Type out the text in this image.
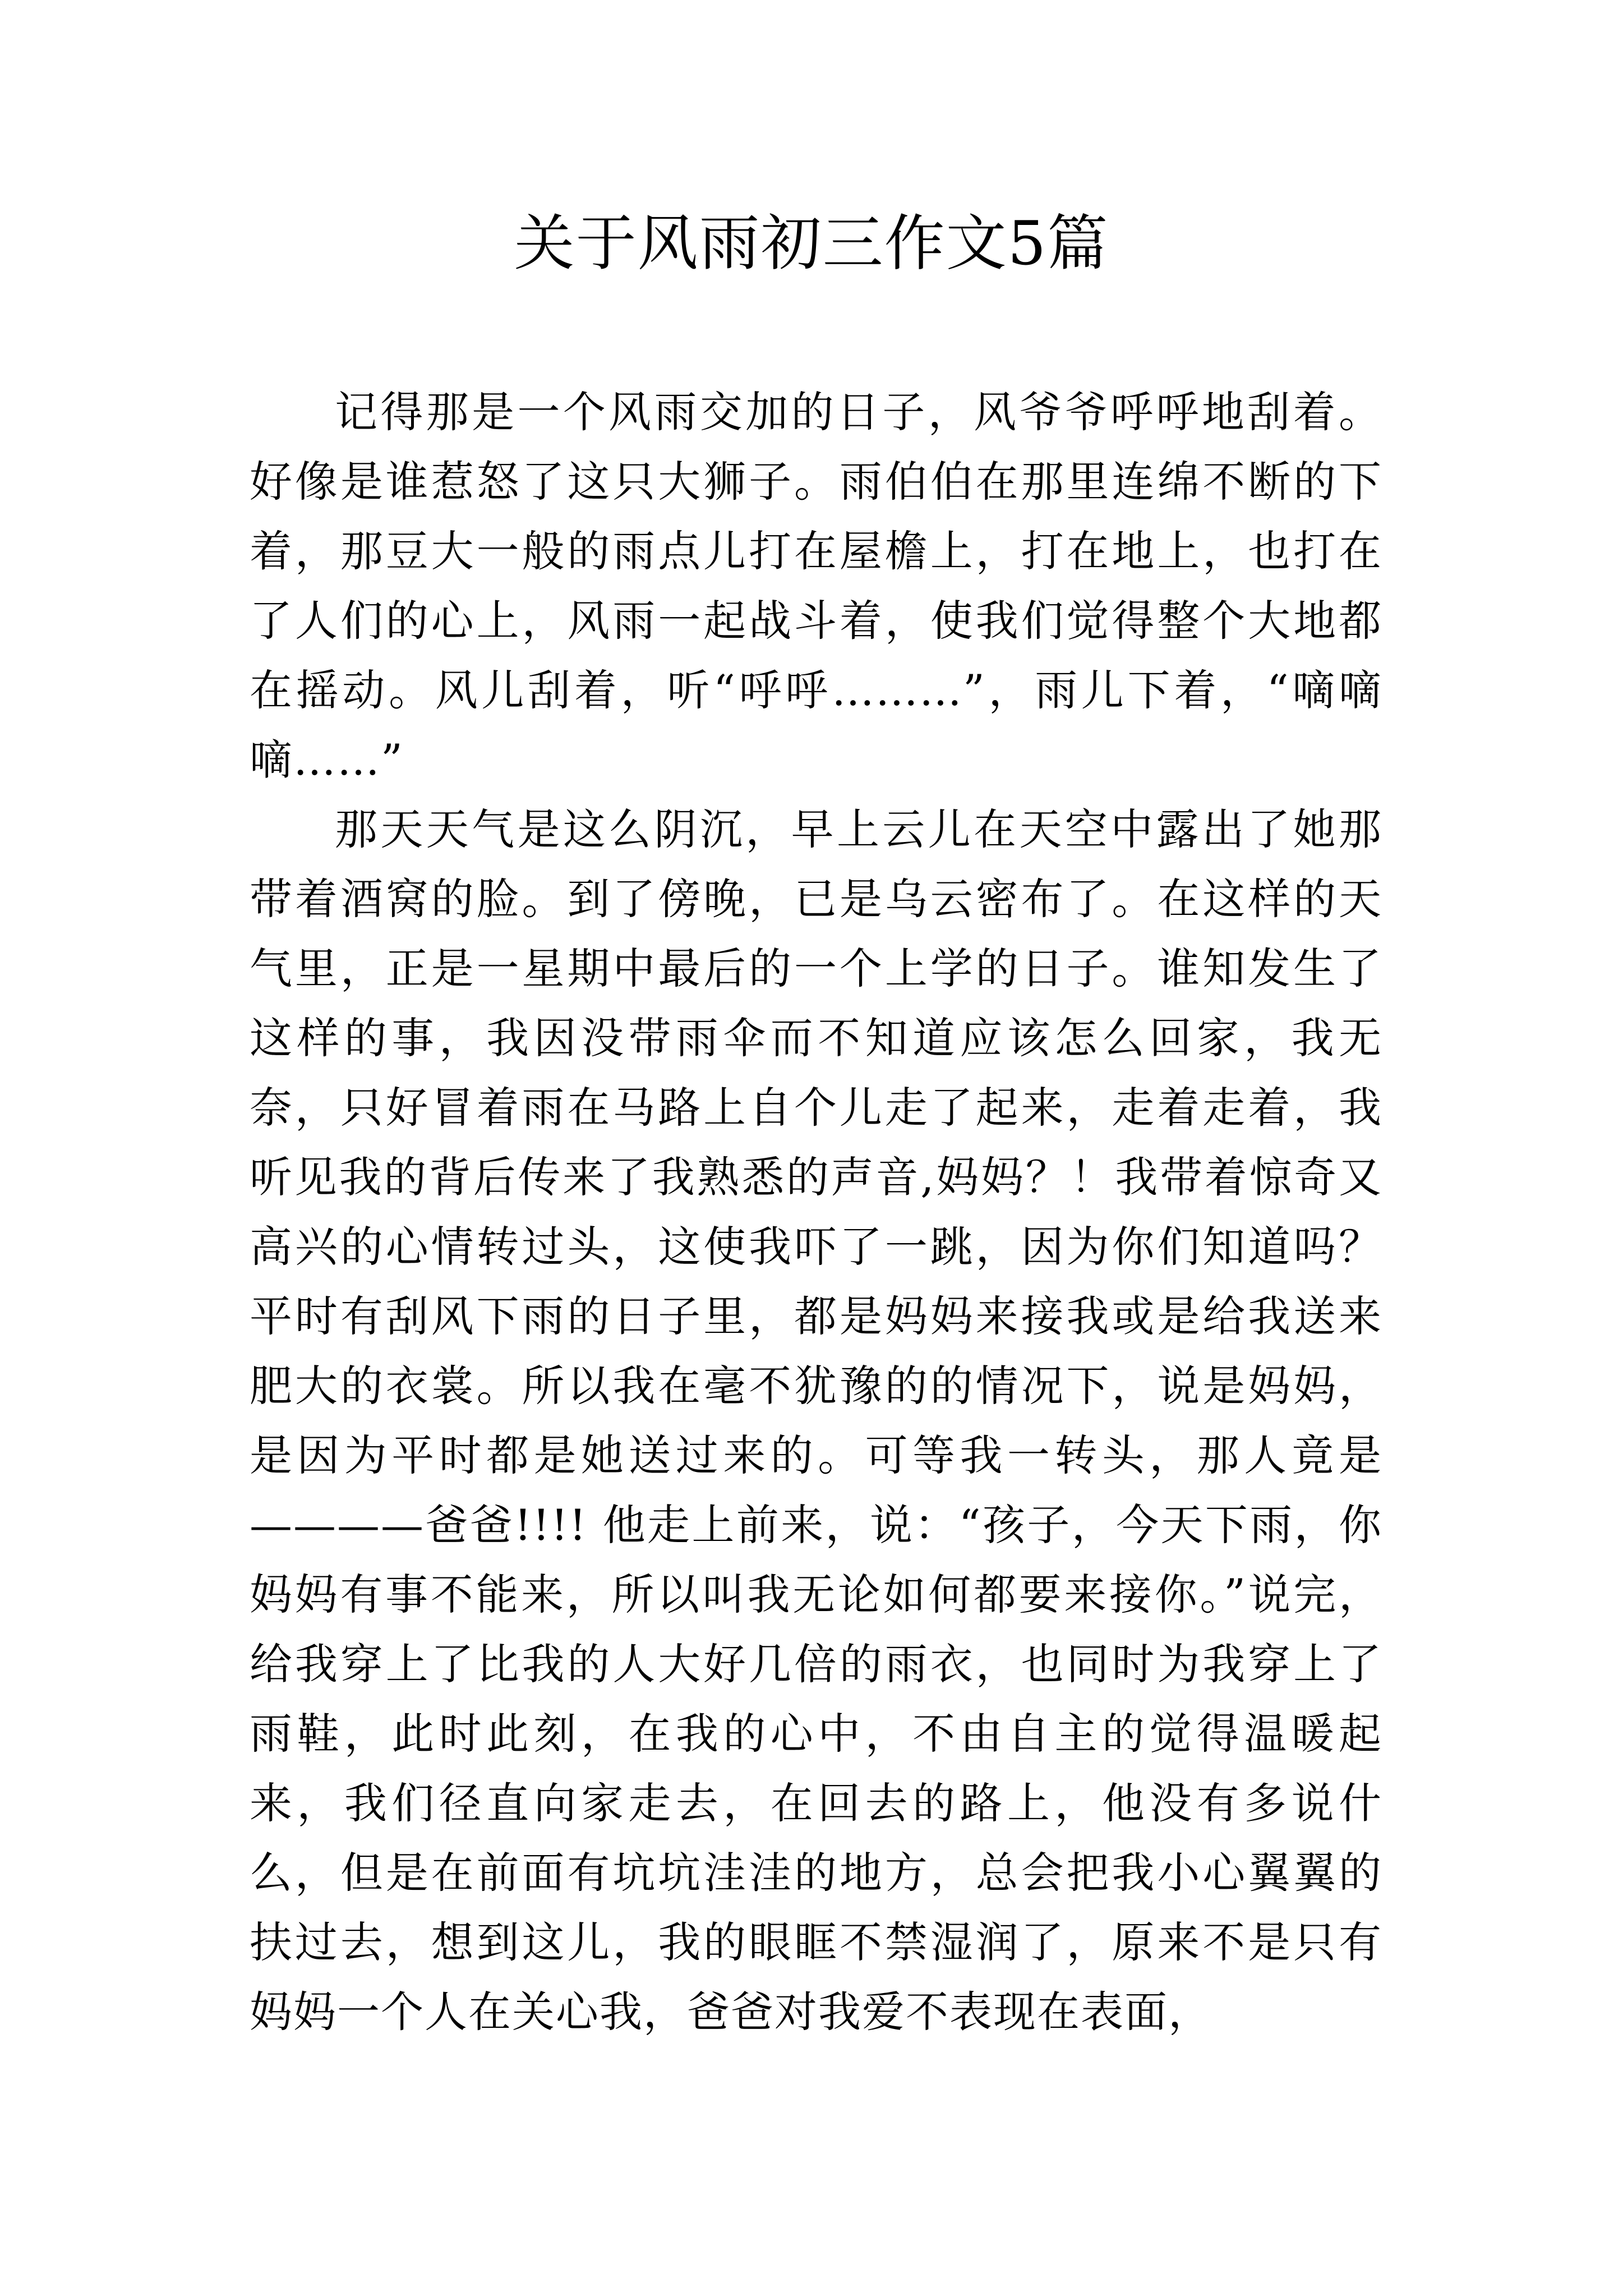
关于风雨初三作文5篇

记得那是一个风雨交加的日子，风爷爷呼呼地刮着。好像是谁惹怒了这只大狮子。雨伯伯在那里连绵不断的下着，那豆大一般的雨点儿打在屋檐上，打在地上，也打在了人们的心上，风雨一起战斗着，使我们觉得整个大地都在摇动。风儿刮着，听“呼呼………”，雨儿下着，“嘀嘀嘀……”

那天天气是这么阴沉，早上云儿在天空中露出了她那带着酒窝的脸。到了傍晚，已是乌云密布了。在这样的天气里，正是一星期中最后的一个上学的日子。谁知发生了这样的事，我因没带雨伞而不知道应该怎么回家，我无奈，只好冒着雨在马路上自个儿走了起来，走着走着，我听见我的背后传来了我熟悉的声音,妈妈？！我带着惊奇又高兴的心情转过头，这使我吓了一跳，因为你们知道吗？平时有刮风下雨的日子里，都是妈妈来接我或是给我送来肥大的衣裳。所以我在毫不犹豫的的情况下，说是妈妈，是因为平时都是她送过来的。可等我一转头，那人竟是————爸爸!!!! 他走上前来，说：“孩子，今天下雨，你妈妈有事不能来，所以叫我无论如何都要来接你。”说完，给我穿上了比我的人大好几倍的雨衣，也同时为我穿上了雨鞋，此时此刻，在我的心中，不由自主的觉得温暖起来，我们径直向家走去，在回去的路上，他没有多说什么，但是在前面有坑坑洼洼的地方，总会把我小心翼翼的扶过去，想到这儿，我的眼眶不禁湿润了，原来不是只有妈妈一个人在关心我，爸爸对我爱不表现在表面，
